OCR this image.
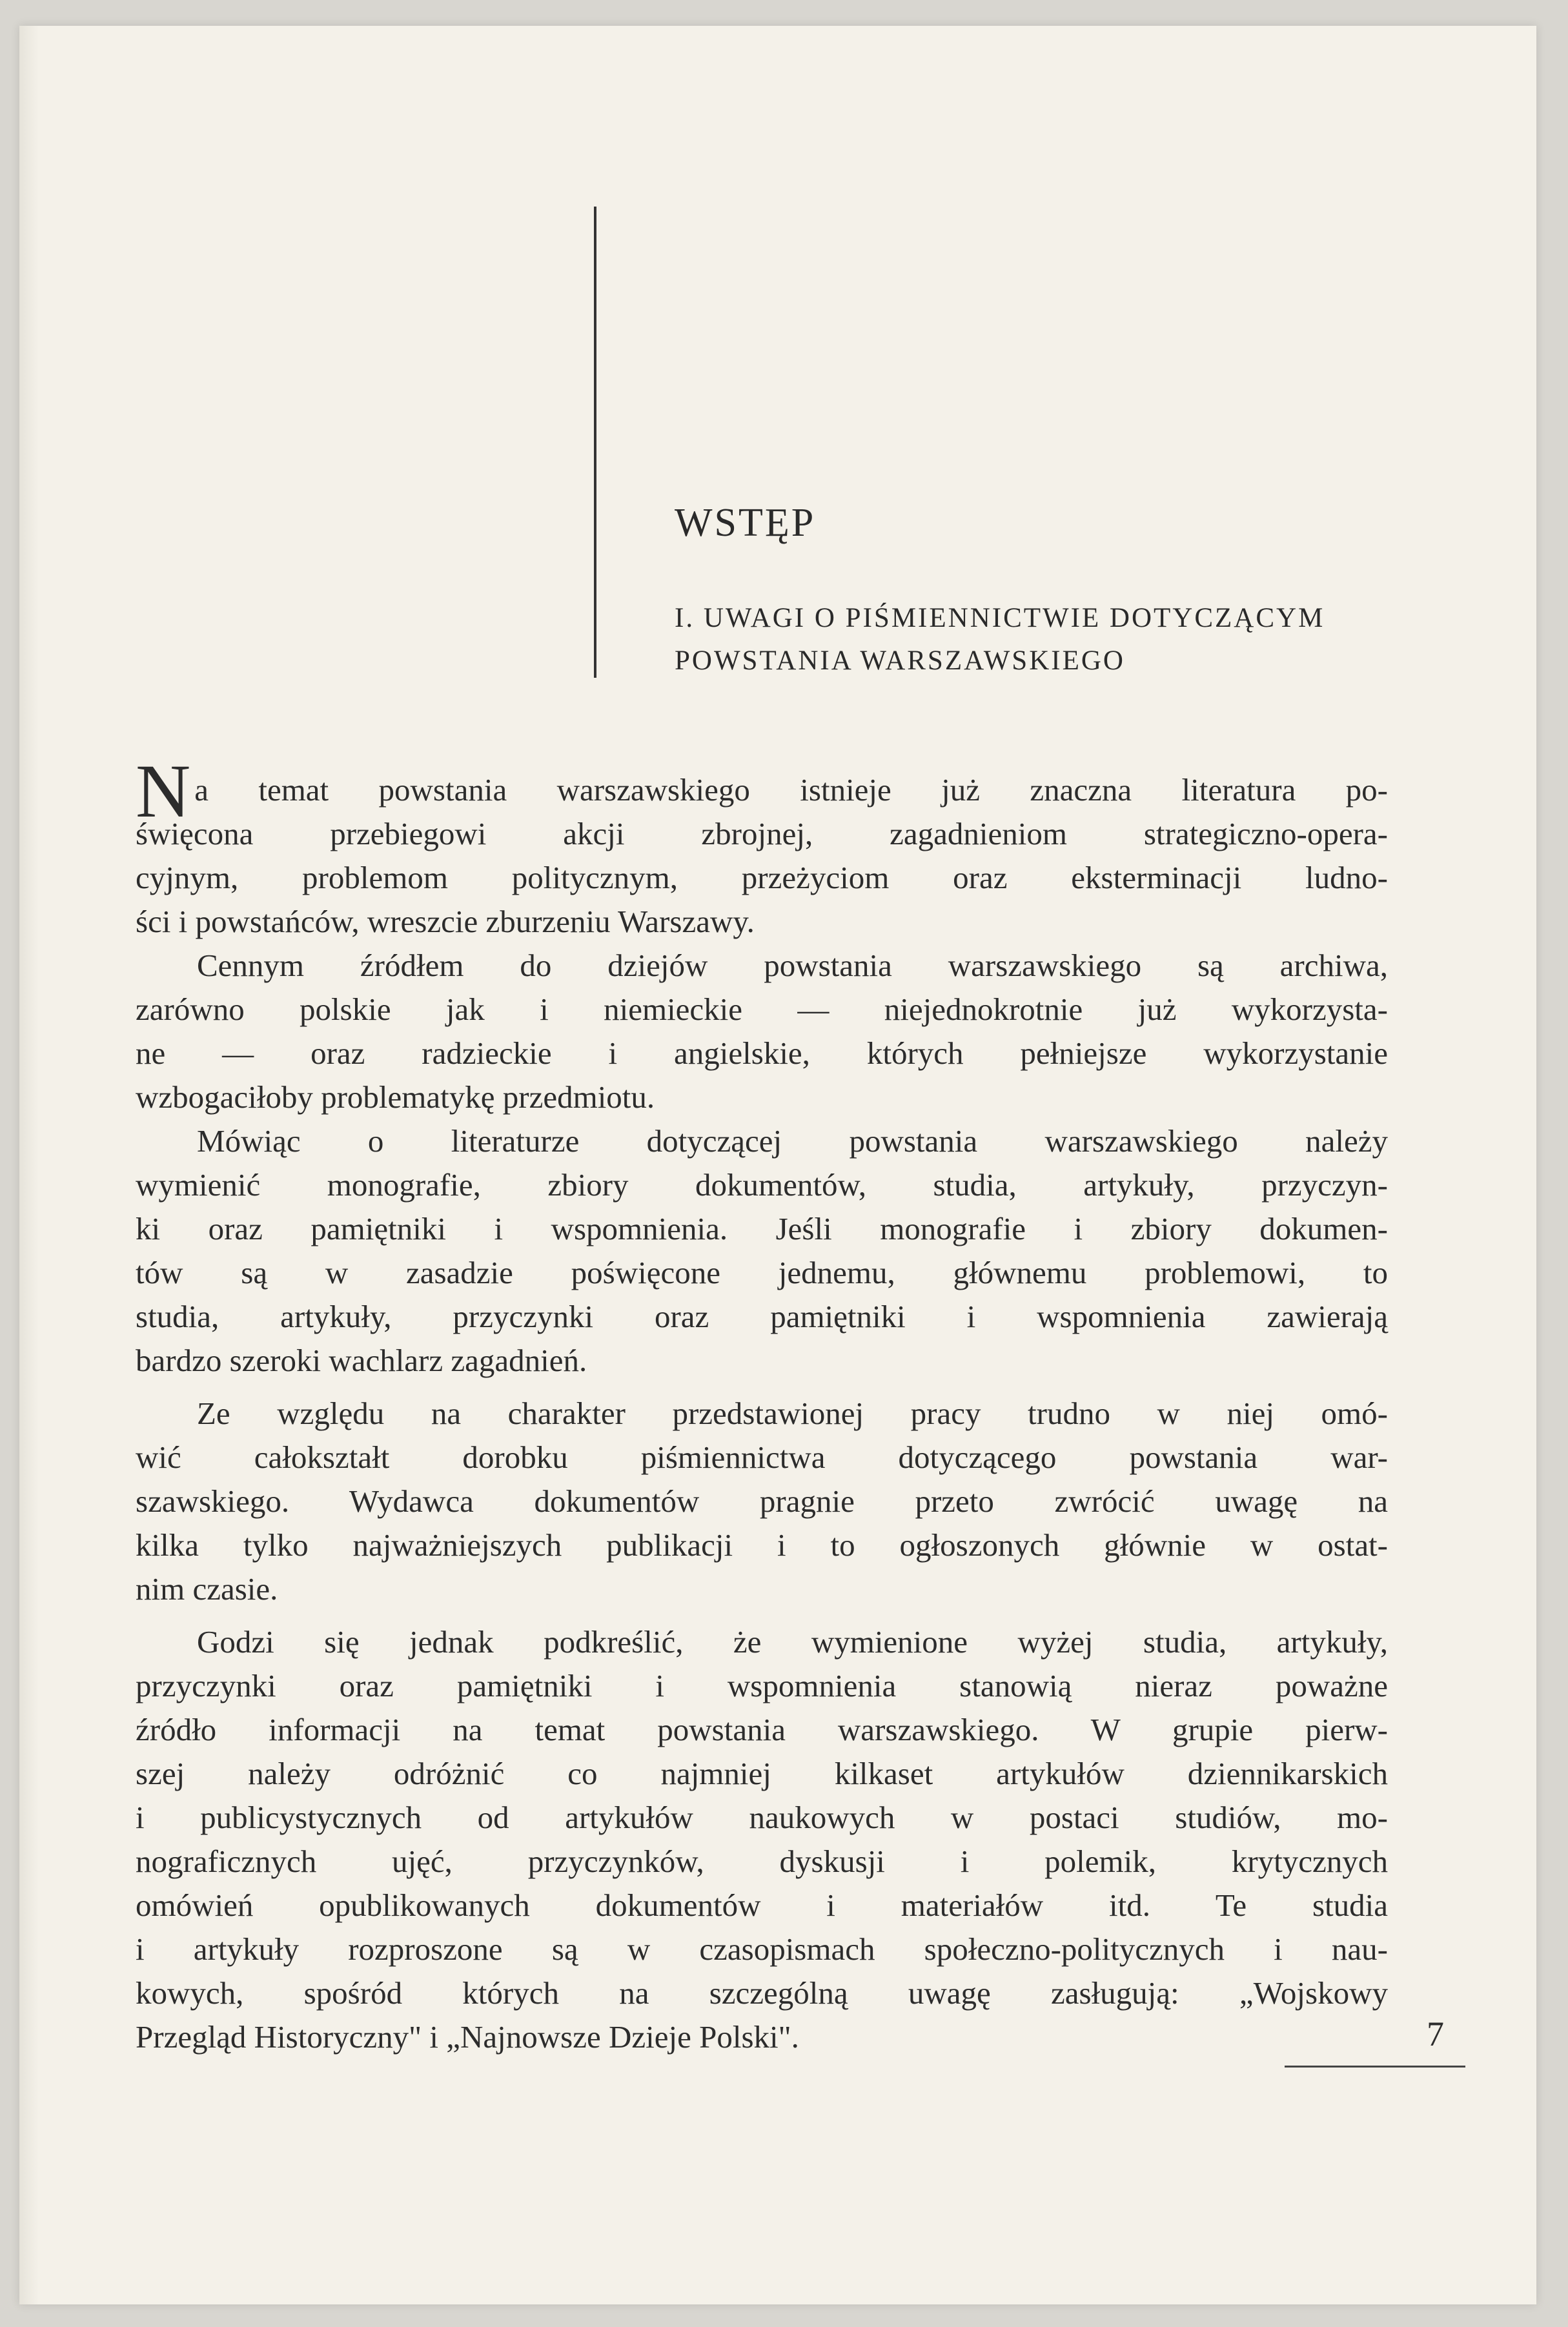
WSTĘP
I. UWAGI O PIŚMIENNICTWIE DOTYCZĄCYM
POWSTANIA WARSZAWSKIEGO
N a temat powstania warszawskiego istnieje już znaczna literatura po-
święcona przebiegowi akcji zbrojnej, zagadnieniom strategiczno-opera-
cyjnym, problemom politycznym, przeżyciom oraz eksterminacji ludno-
ści i powstańców, wreszcie zburzeniu Warszawy.
Cennym źródłem do dziejów powstania warszawskiego są archiwa,
zarówno polskie jak i niemieckie — niejednokrotnie już wykorzysta-
ne — oraz radzieckie i angielskie, których pełniejsze wykorzystanie
wzbogaciłoby problematykę przedmiotu.
Mówiąc o literaturze dotyczącej powstania warszawskiego należy
wymienić monografie, zbiory dokumentów, studia, artykuły, przyczyn-
ki oraz pamiętniki i wspomnienia. Jeśli monografie i zbiory dokumen-
tów są w zasadzie poświęcone jednemu, głównemu problemowi, to
studia, artykuły, przyczynki oraz pamiętniki i wspomnienia zawierają
bardzo szeroki wachlarz zagadnień.
Ze względu na charakter przedstawionej pracy trudno w niej omó-
wić całokształt dorobku piśmiennictwa dotyczącego powstania war-
szawskiego. Wydawca dokumentów pragnie przeto zwrócić uwagę na
kilka tylko najważniejszych publikacji i to ogłoszonych głównie w ostat-
nim czasie.
Godzi się jednak podkreślić, że wymienione wyżej studia, artykuły,
przyczynki oraz pamiętniki i wspomnienia stanowią nieraz poważne
źródło informacji na temat powstania warszawskiego. W grupie pierw-
szej należy odróżnić co najmniej kilkaset artykułów dziennikarskich
i publicystycznych od artykułów naukowych w postaci studiów, mo-
nograficznych ujęć, przyczynków, dyskusji i polemik, krytycznych
omówień opublikowanych dokumentów i materiałów itd. Te studia
i artykuły rozproszone są w czasopismach społeczno-politycznych i nau-
kowych, spośród których na szczególną uwagę zasługują: „Wojskowy
Przegląd Historyczny" i „Najnowsze Dzieje Polski".	7
